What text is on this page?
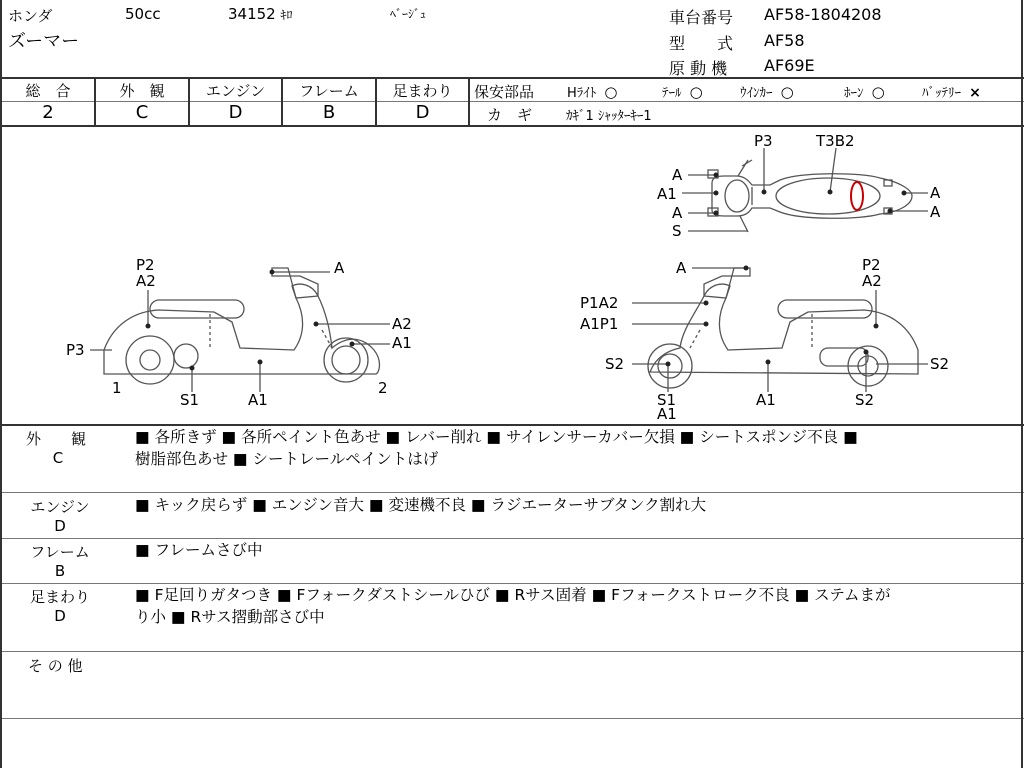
ホンダ	50cc	34152 ｷﾛ	ﾍﾞｰｼﾞｭ
ズーマー
車台番号 AF58-1804208
型　　式 AF58
原 動 機 AF69E
総　合
2
外　観
C
エンジン
D
フレーム
B
足まわり
D
保安部品	Hﾗｲﾄ ○	ﾃｰﾙ ○	ｳｲﾝｶｰ ○	ﾎｰﾝ ○	ﾊﾞｯﾃﾘｰ ×
カ　ギ	ｶｷﾞ1 ｼｬｯﾀｰｷｰ1
P3	T3B2
A
A1
A
S
A
A
P2
A2
A
P3
A2
A1
1	2
S1	A1
A	P2
A2
P1A2
A1P1
S2	S2
S1
A1
A1	S2
外　　観
C
■ 各所きず ■ 各所ペイント色あせ ■ レバー削れ ■ サイレンサーカバー欠損 ■ シートスポンジ不良 ■
樹脂部色あせ ■ シートレールペイントはげ
エンジン
D
■ キック戻らず ■ エンジン音大 ■ 変速機不良 ■ ラジエーターサブタンク割れ大
フレーム
B
■ フレームさび中
足まわり
D
■ F足回りガタつき ■ Fフォークダストシールひび ■ Rサス固着 ■ Fフォークストローク不良 ■ ステムまが
り小 ■ Rサス摺動部さび中
そ の 他
